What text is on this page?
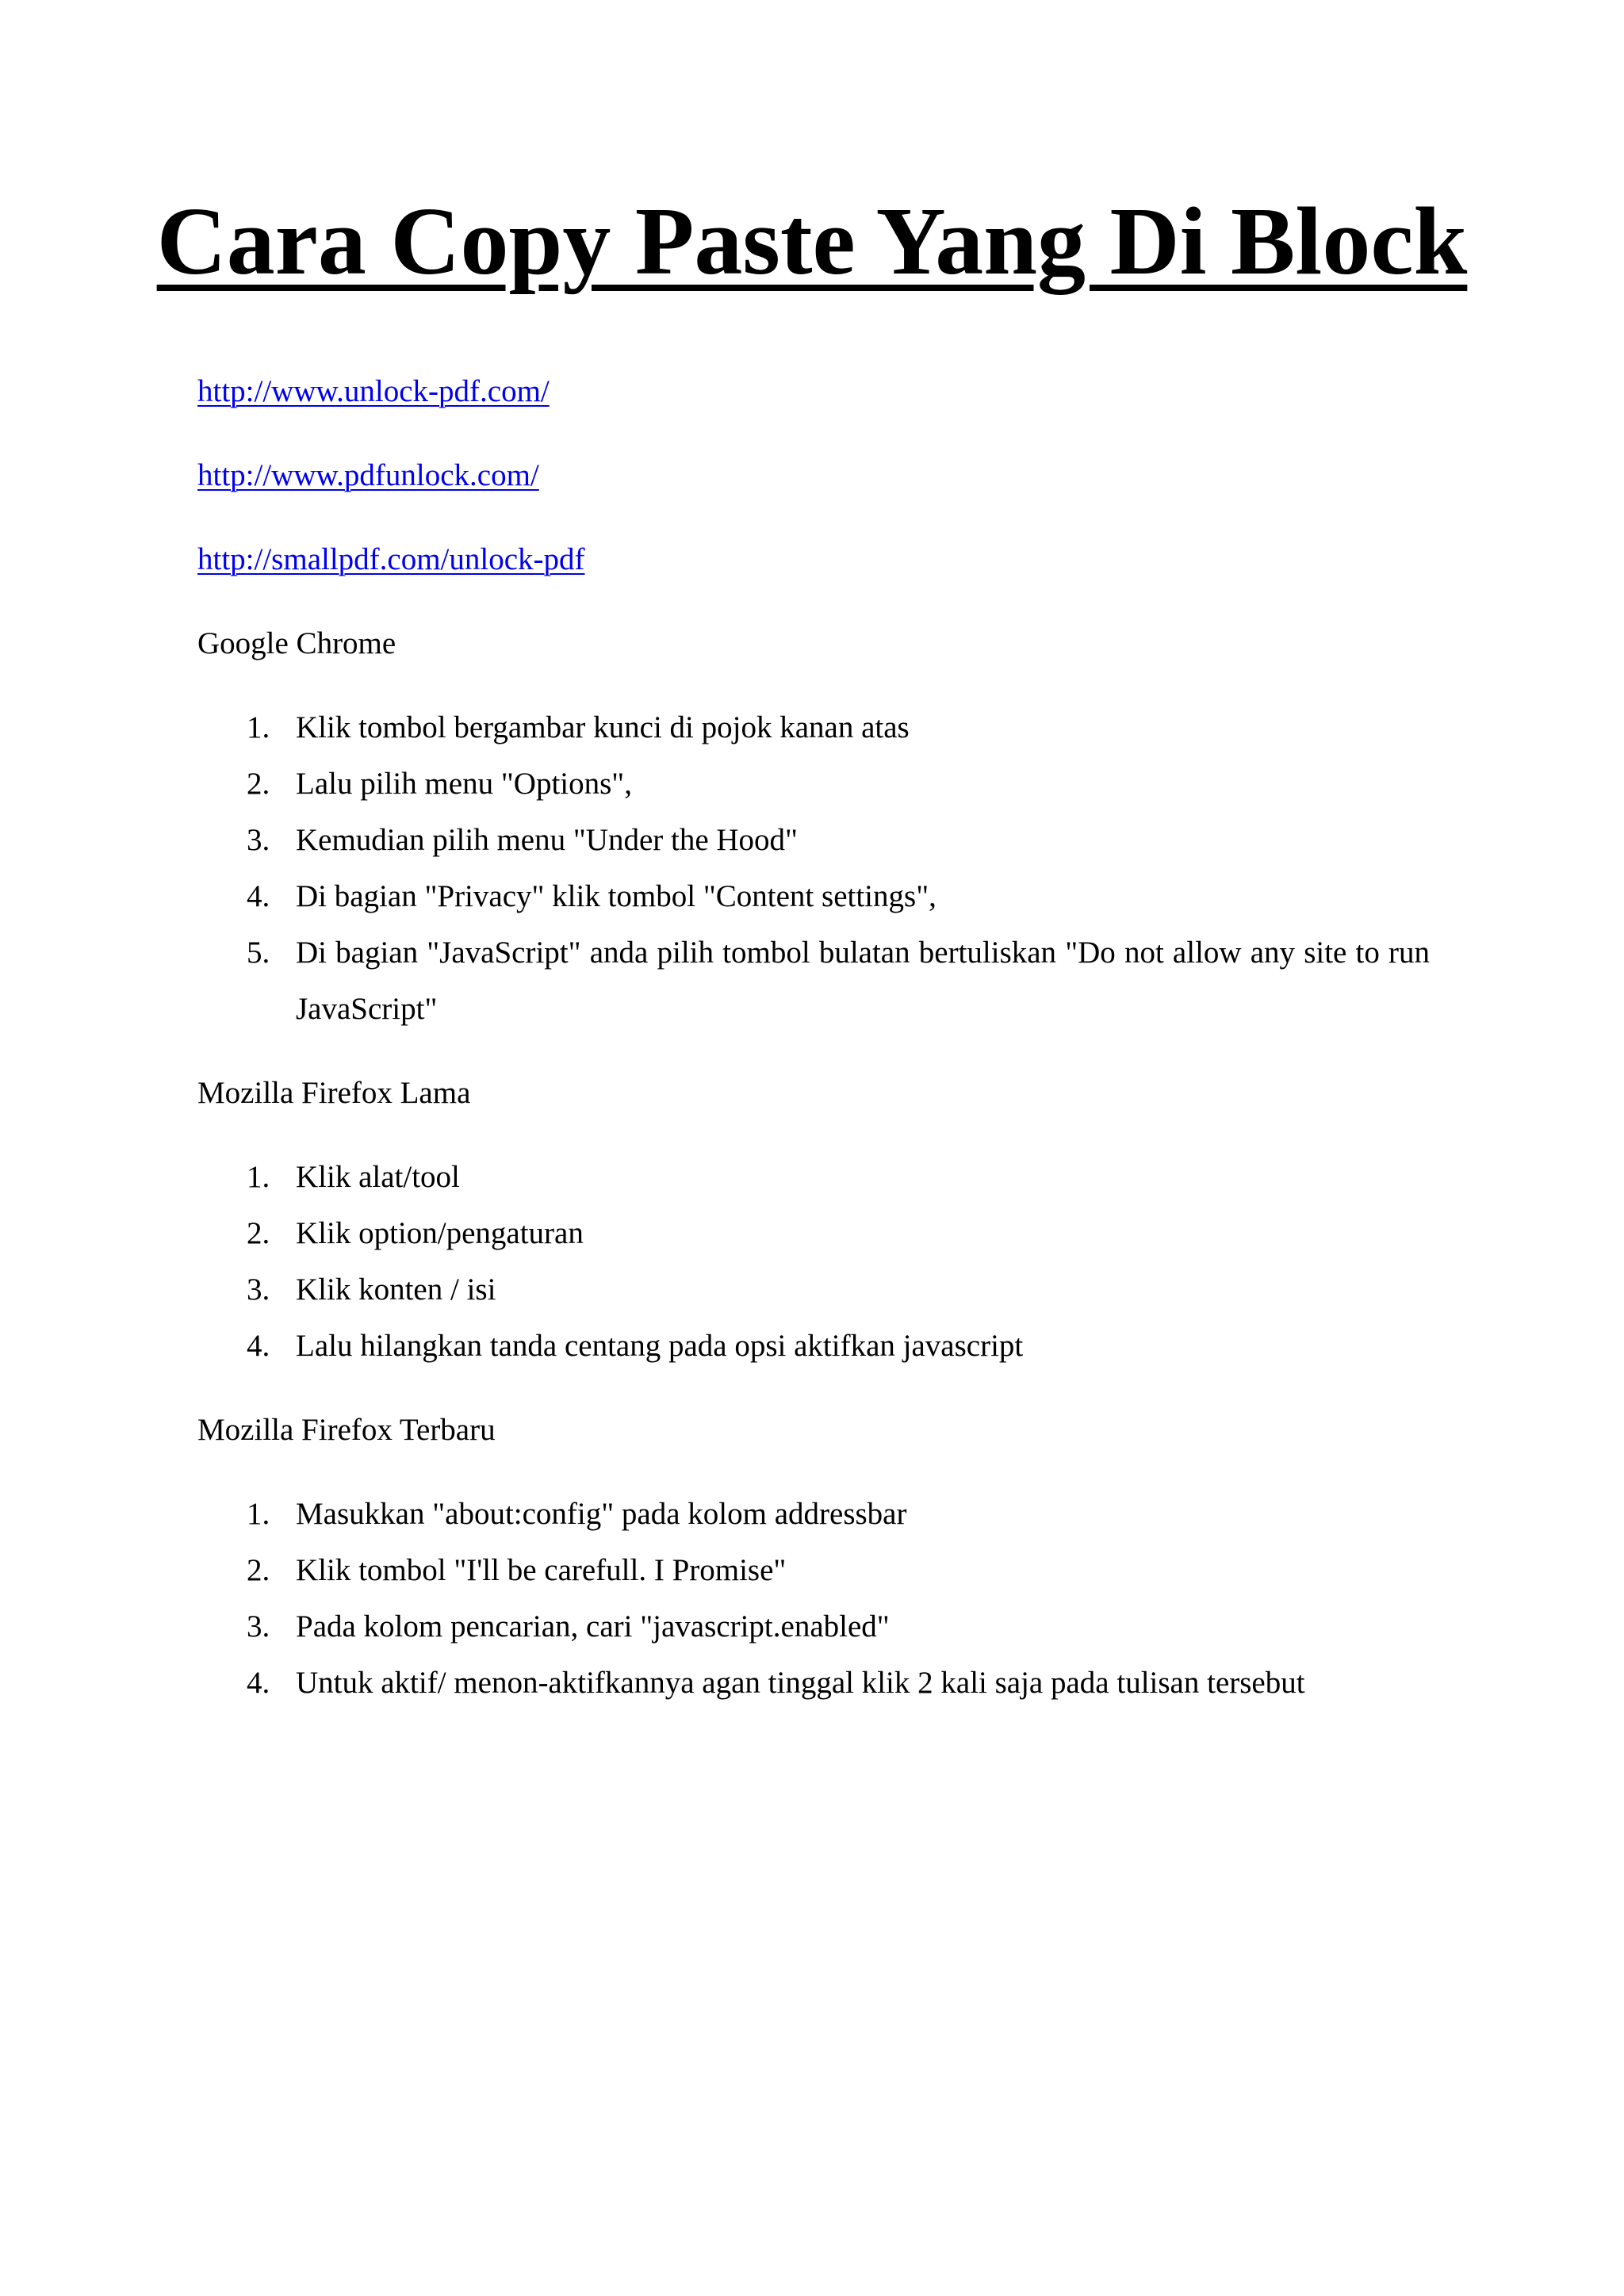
Cara Copy Paste Yang Di Block
http://www.unlock-pdf.com/
http://www.pdfunlock.com/
http://smallpdf.com/unlock-pdf
Google Chrome
1. Klik tombol bergambar kunci di pojok kanan atas
2. Lalu pilih menu "Options",
3. Kemudian pilih menu "Under the Hood"
4. Di bagian "Privacy" klik tombol "Content settings",
5. Di bagian "JavaScript" anda pilih tombol bulatan bertuliskan "Do not allow any site to run JavaScript"
Mozilla Firefox Lama
1. Klik alat/tool
2. Klik option/pengaturan
3. Klik konten / isi
4. Lalu hilangkan tanda centang pada opsi aktifkan javascript
Mozilla Firefox Terbaru
1. Masukkan "about:config" pada kolom addressbar
2. Klik tombol "I'll be carefull. I Promise"
3. Pada kolom pencarian, cari "javascript.enabled"
4. Untuk aktif/ menon-aktifkannya agan tinggal klik 2 kali saja pada tulisan tersebut
